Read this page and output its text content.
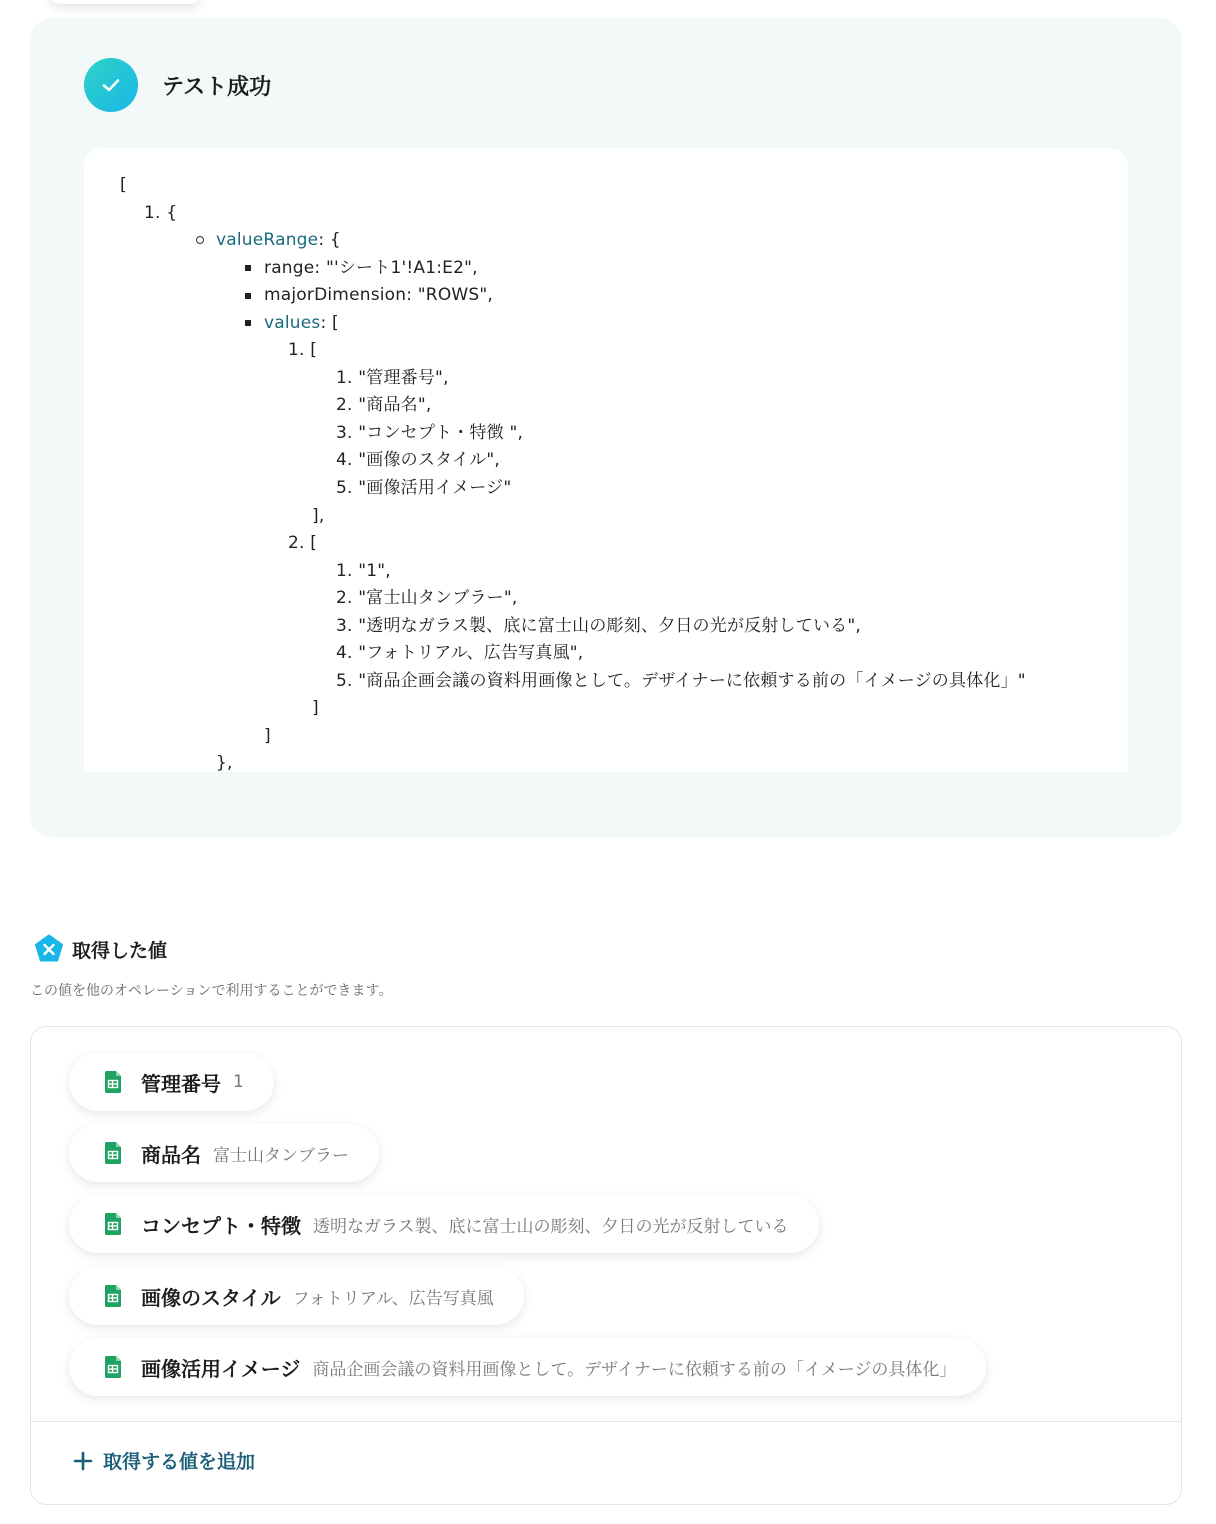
テスト成功
[
1. {
valueRange: {
range: "'シート1'!A1:E2",
majorDimension: "ROWS",
values: [
1. [
1. "管理番号",
2. "商品名",
3. "コンセプト・特徴 ",
4. "画像のスタイル",
5. "画像活用イメージ"
],
2. [
1. "1",
2. "富士山タンブラー",
3. "透明なガラス製、底に富士山の彫刻、夕日の光が反射している",
4. "フォトリアル、広告写真風",
5. "商品企画会議の資料用画像として。デザイナーに依頼する前の「イメージの具体化」"
]
]
},
取得した値
この値を他のオペレーションで利用することができます。
管理番号 1
商品名 富士山タンブラー
コンセプト・特徴 透明なガラス製、底に富士山の彫刻、夕日の光が反射している
画像のスタイル フォトリアル、広告写真風
画像活用イメージ 商品企画会議の資料用画像として。デザイナーに依頼する前の「イメージの具体化」
取得する値を追加
